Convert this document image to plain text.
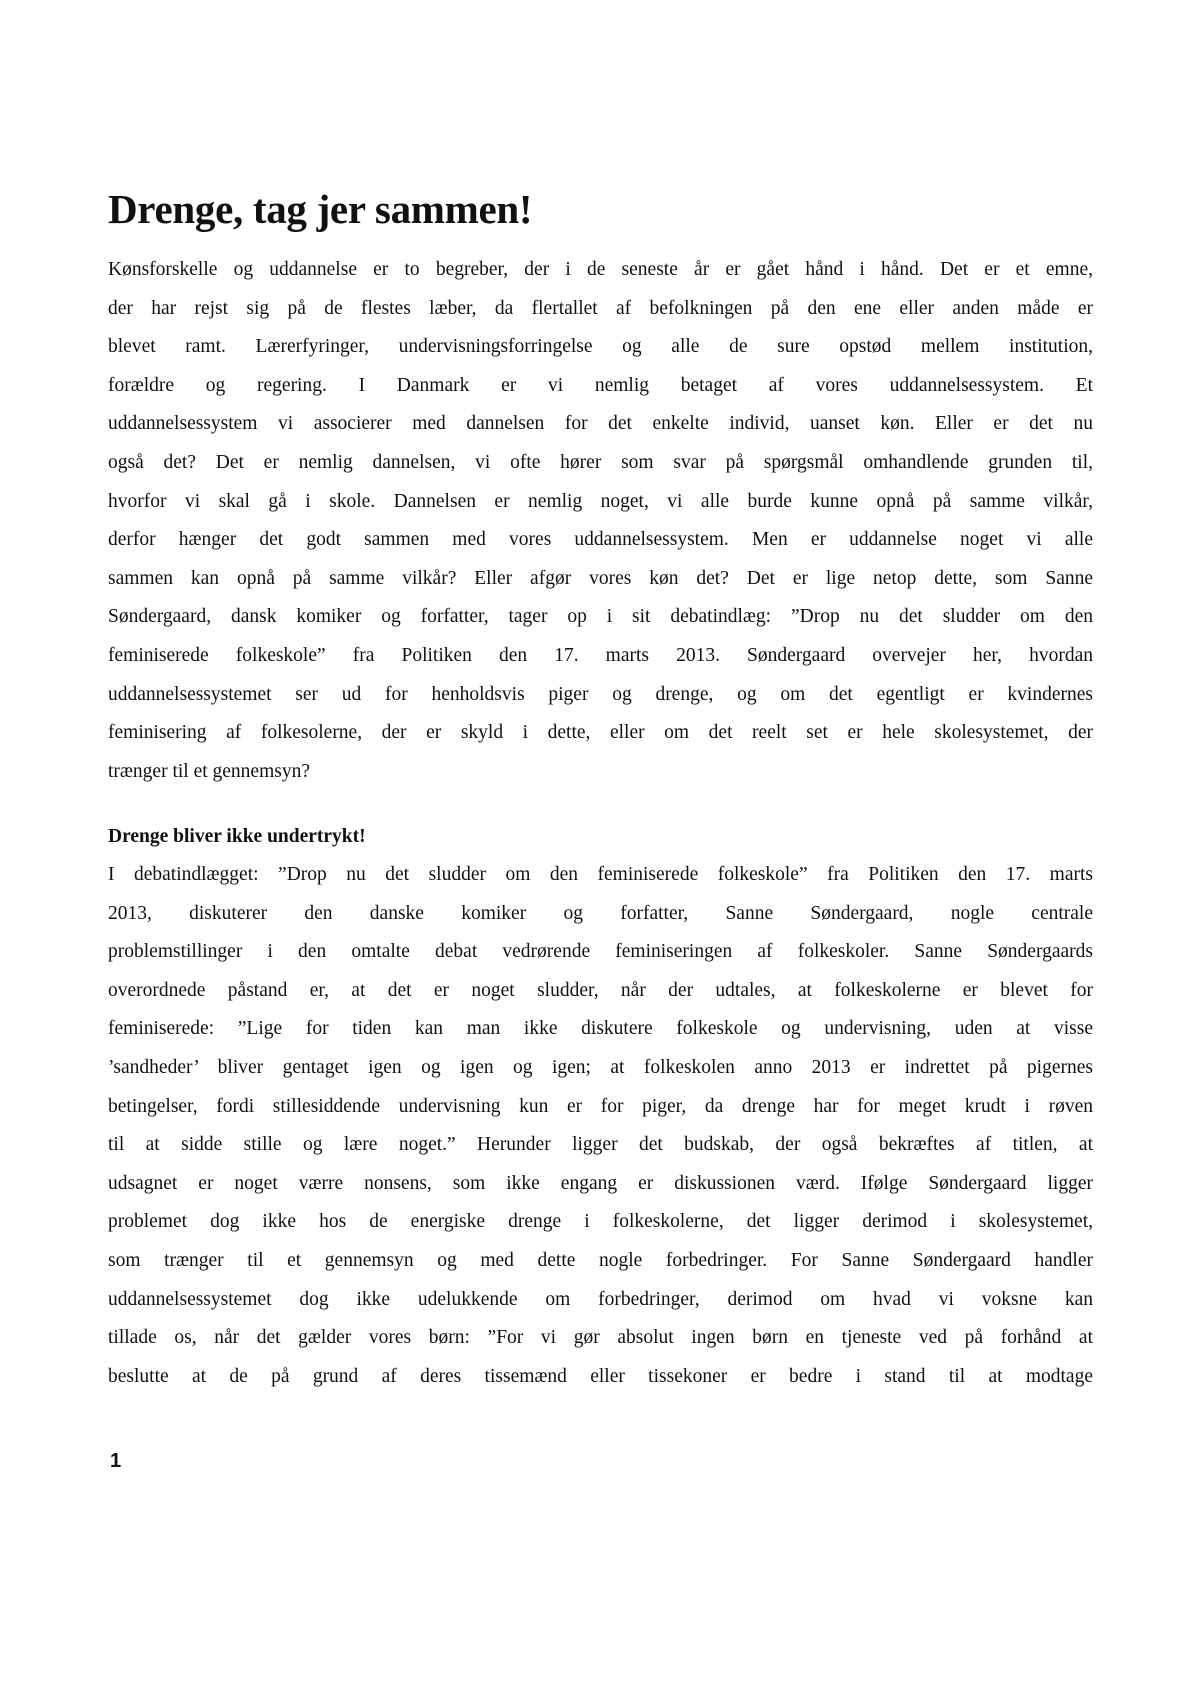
Drenge, tag jer sammen!
Kønsforskelle og uddannelse er to begreber, der i de seneste år er gået hånd i hånd. Det er et emne,
der har rejst sig på de flestes læber, da flertallet af befolkningen på den ene eller anden måde er
blevet ramt. Lærerfyringer, undervisningsforringelse og alle de sure opstød mellem institution,
forældre og regering. I Danmark er vi nemlig betaget af vores uddannelsessystem. Et
uddannelsessystem vi associerer med dannelsen for det enkelte individ, uanset køn. Eller er det nu
også det? Det er nemlig dannelsen, vi ofte hører som svar på spørgsmål omhandlende grunden til,
hvorfor vi skal gå i skole. Dannelsen er nemlig noget, vi alle burde kunne opnå på samme vilkår,
derfor hænger det godt sammen med vores uddannelsessystem. Men er uddannelse noget vi alle
sammen kan opnå på samme vilkår? Eller afgør vores køn det? Det er lige netop dette, som Sanne
Søndergaard, dansk komiker og forfatter, tager op i sit debatindlæg: ”Drop nu det sludder om den
feminiserede folkeskole” fra Politiken den 17. marts 2013. Søndergaard overvejer her, hvordan
uddannelsessystemet ser ud for henholdsvis piger og drenge, og om det egentligt er kvindernes
feminisering af folkesolerne, der er skyld i dette, eller om det reelt set er hele skolesystemet, der
trænger til et gennemsyn?
Drenge bliver ikke undertrykt!
I debatindlægget: ”Drop nu det sludder om den feminiserede folkeskole” fra Politiken den 17. marts
2013, diskuterer den danske komiker og forfatter, Sanne Søndergaard, nogle centrale
problemstillinger i den omtalte debat vedrørende feminiseringen af folkeskoler. Sanne Søndergaards
overordnede påstand er, at det er noget sludder, når der udtales, at folkeskolerne er blevet for
feminiserede: ”Lige for tiden kan man ikke diskutere folkeskole og undervisning, uden at visse
’sandheder’ bliver gentaget igen og igen og igen; at folkeskolen anno 2013 er indrettet på pigernes
betingelser, fordi stillesiddende undervisning kun er for piger, da drenge har for meget krudt i røven
til at sidde stille og lære noget.” Herunder ligger det budskab, der også bekræftes af titlen, at
udsagnet er noget værre nonsens, som ikke engang er diskussionen værd. Ifølge Søndergaard ligger
problemet dog ikke hos de energiske drenge i folkeskolerne, det ligger derimod i skolesystemet,
som trænger til et gennemsyn og med dette nogle forbedringer. For Sanne Søndergaard handler
uddannelsessystemet dog ikke udelukkende om forbedringer, derimod om hvad vi voksne kan
tillade os, når det gælder vores børn: ”For vi gør absolut ingen børn en tjeneste ved på forhånd at
beslutte at de på grund af deres tissemænd eller tissekoner er bedre i stand til at modtage
1
